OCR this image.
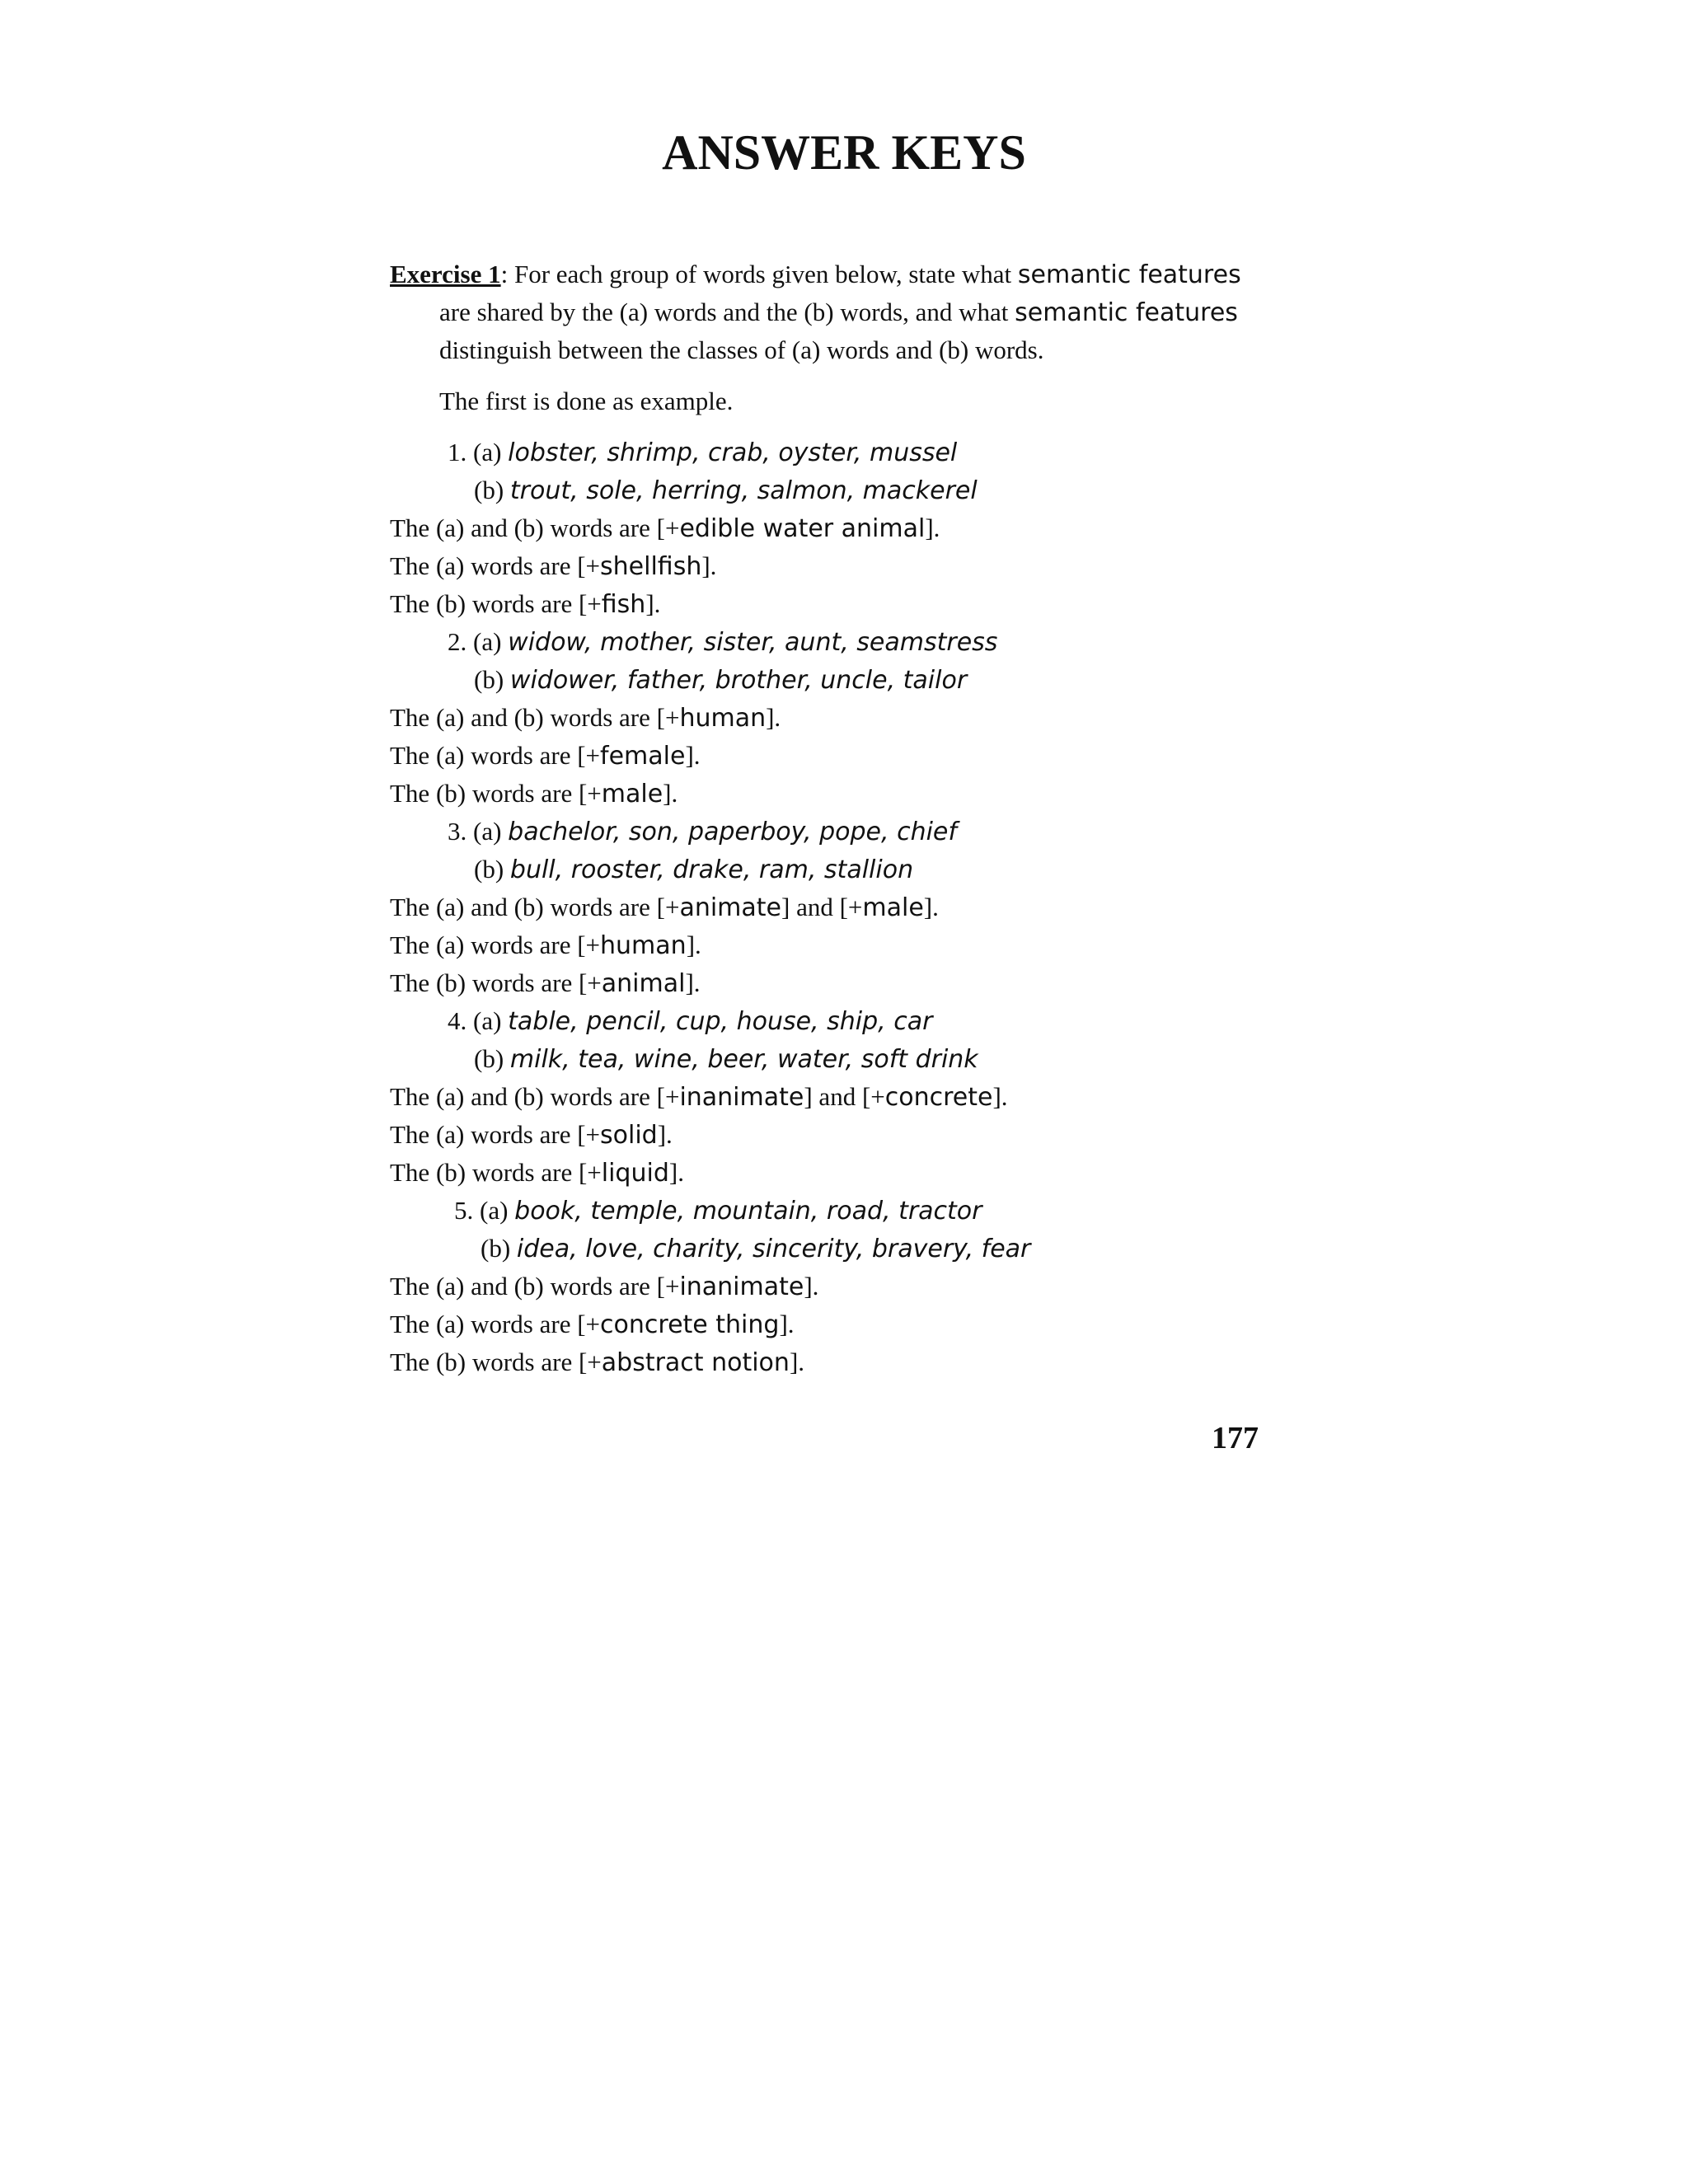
ANSWER KEYS
Exercise 1: For each group of words given below, state what semantic features
are shared by the (a) words and the (b) words, and what semantic features
distinguish between the classes of (a) words and (b) words.
The first is done as example.
1. (a) lobster, shrimp, crab, oyster, mussel
(b) trout, sole, herring, salmon, mackerel
The (a) and (b) words are [+edible water animal].
The (a) words are [+shellfish].
The (b) words are [+fish].
2. (a) widow, mother, sister, aunt, seamstress
(b) widower, father, brother, uncle, tailor
The (a) and (b) words are [+human].
The (a) words are [+female].
The (b) words are [+male].
3. (a) bachelor, son, paperboy, pope, chief
(b) bull, rooster, drake, ram, stallion
The (a) and (b) words are [+animate] and [+male].
The (a) words are [+human].
The (b) words are [+animal].
4. (a) table, pencil, cup, house, ship, car
(b) milk, tea, wine, beer, water, soft drink
The (a) and (b) words are [+inanimate] and [+concrete].
The (a) words are [+solid].
The (b) words are [+liquid].
5. (a) book, temple, mountain, road, tractor
(b) idea, love, charity, sincerity, bravery, fear
The (a) and (b) words are [+inanimate].
The (a) words are [+concrete thing].
The (b) words are [+abstract notion].
177
